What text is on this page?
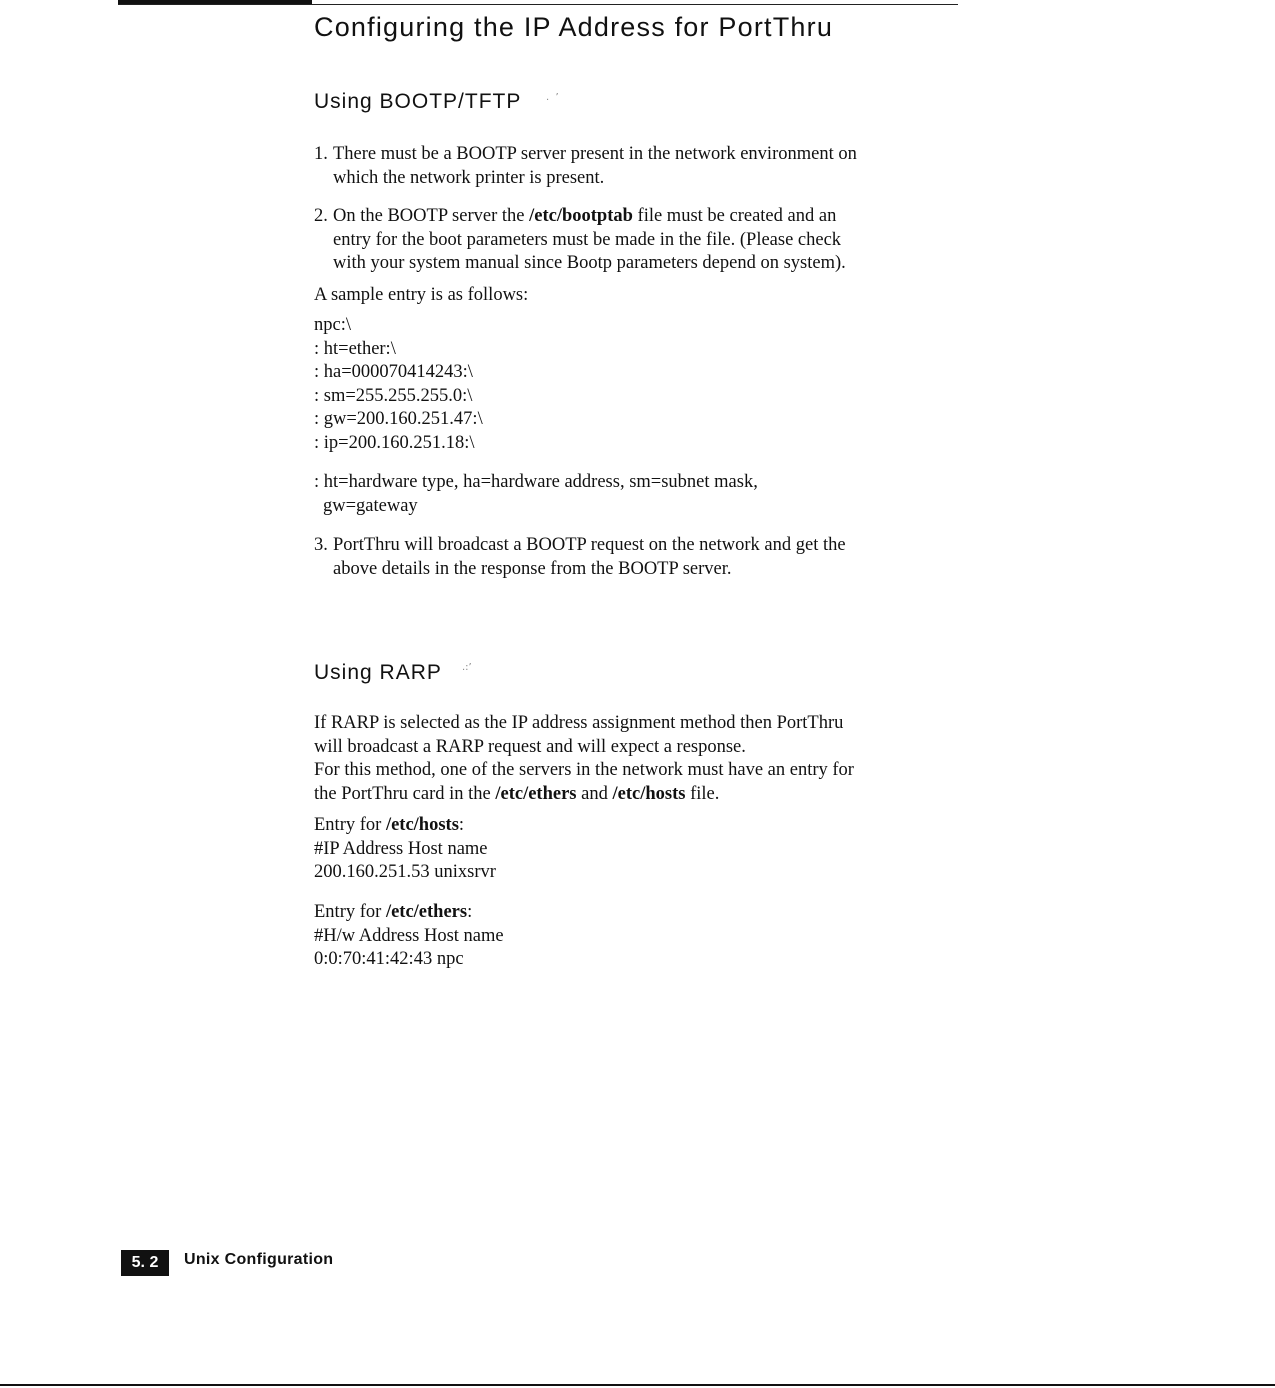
Configuring the IP Address for PortThru
Using BOOTP/TFTP .  ’
1. There must be a BOOTP server present in the network environment on
which the network printer is present.
2. On the BOOTP server the /etc/bootptab file must be created and an
entry for the boot parameters must be made in the file. (Please check
with your system manual since Bootp parameters depend on system).

A sample entry is as follows:

npc:\
: ht=ether:\
: ha=000070414243:\
: sm=255.255.255.0:\
: gw=200.160.251.47:\
: ip=200.160.251.18:\
: ht=hardware type, ha=hardware address, sm=subnet mask,
gw=gateway
3. PortThru will broadcast a BOOTP request on the network and get the
above details in the response from the BOOTP server.
Using RARP .:’
If RARP is selected as the IP address assignment method then PortThru
will broadcast a RARP request and will expect a response.
For this method, one of the servers in the network must have an entry for
the PortThru card in the /etc/ethers and /etc/hosts file.
Entry for /etc/hosts:
#IP Address Host name
200.160.251.53 unixsrvr
Entry for /etc/ethers:
#H/w Address Host name
0:0:70:41:42:43 npc
5. 2	Unix Configuration
